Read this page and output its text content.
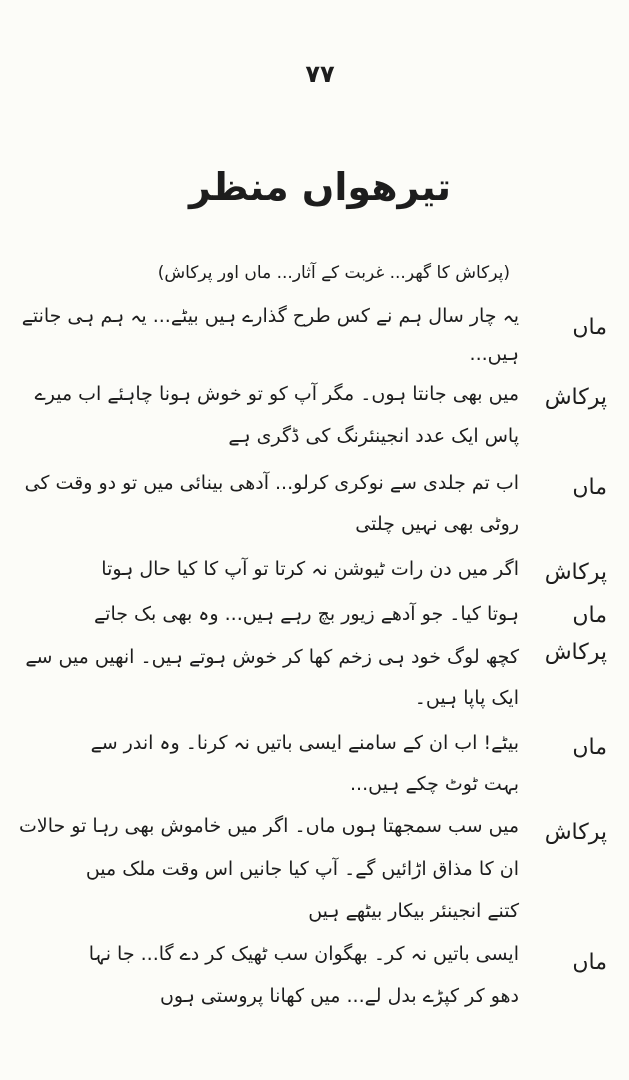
٧٧
تیرھواں منظر
(پرکاش کا گھر... غربت کے آثار... ماں اور پرکاش)
ماں
یہ چار سال ہم نے کس طرح گذارے ہیں بیٹے... یہ ہم ہی جانتے
ہیں...
پرکاش
میں بھی جانتا ہوں۔ مگر آپ کو تو خوش ہونا چاہئے اب میرے
پاس ایک عدد انجینئرنگ کی ڈگری ہے
ماں
اب تم جلدی سے نوکری کرلو... آدھی بینائی میں تو دو وقت کی
روٹی بھی نہیں چلتی
پرکاش
اگر میں دن رات ٹیوشن نہ کرتا تو آپ کا کیا حال ہوتا
ماں
ہوتا کیا۔ جو آدھے زیور بچ رہے ہیں... وہ بھی بک جاتے
پرکاش
کچھ لوگ خود ہی زخم کھا کر خوش ہوتے ہیں۔ انھیں میں سے
ایک پاپا ہیں۔
ماں
بیٹے! اب ان کے سامنے ایسی باتیں نہ کرنا۔ وہ اندر سے
بہت ٹوٹ چکے ہیں...
پرکاش
میں سب سمجھتا ہوں ماں۔ اگر میں خاموش بھی رہا تو حالات
ان کا مذاق اڑائیں گے۔ آپ کیا جانیں اس وقت ملک میں
کتنے انجینئر بیکار بیٹھے ہیں
ماں
ایسی باتیں نہ کر۔ بھگوان سب ٹھیک کر دے گا... جا نہا
دھو کر کپڑے بدل لے... میں کھانا پروستی ہوں
